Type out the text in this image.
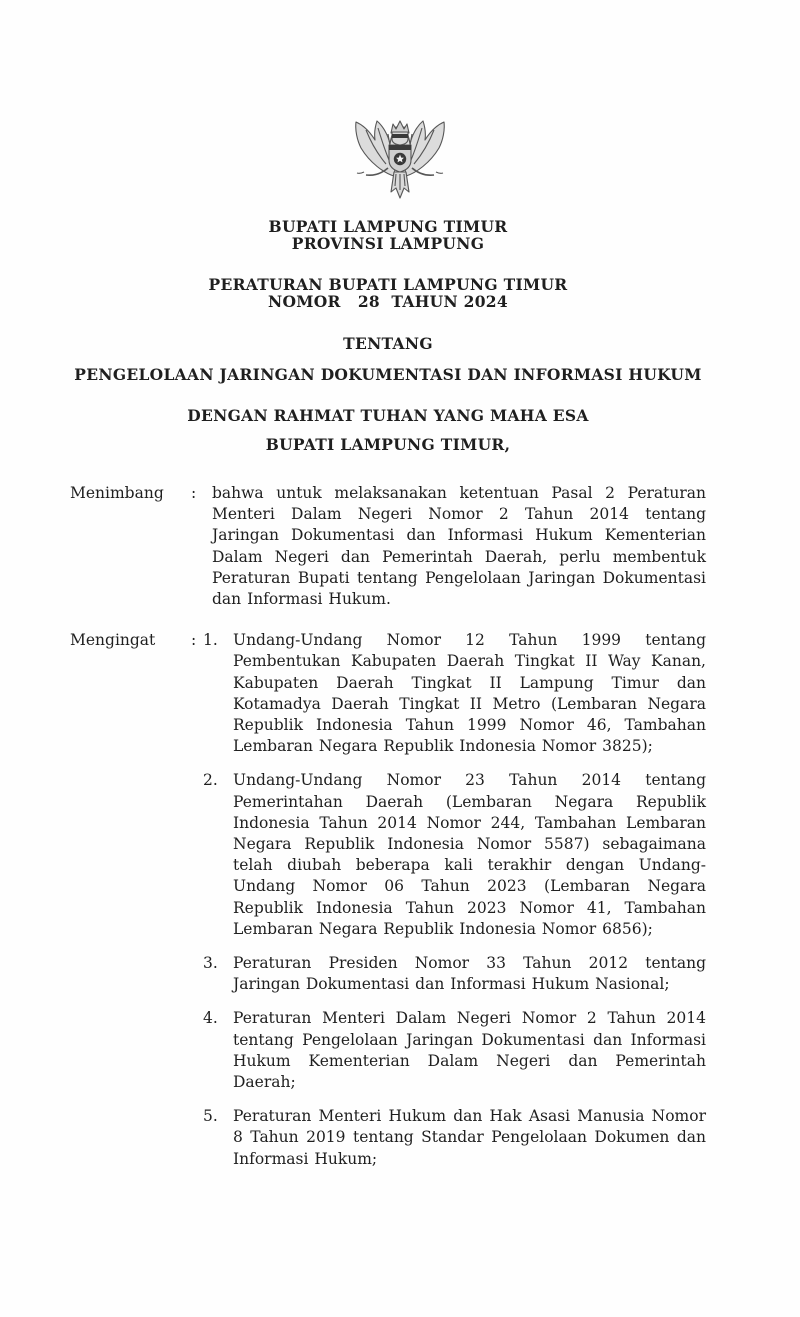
BUPATI LAMPUNG TIMUR
PROVINSI LAMPUNG
PERATURAN BUPATI LAMPUNG TIMUR
NOMOR   28  TAHUN 2024
TENTANG
PENGELOLAAN JARINGAN DOKUMENTASI DAN INFORMASI HUKUM
DENGAN RAHMAT TUHAN YANG MAHA ESA
BUPATI LAMPUNG TIMUR,
Menimbang	:	bahwa untuk melaksanakan ketentuan Pasal 2 Peraturan Menteri Dalam Negeri Nomor 2 Tahun 2014 tentang Jaringan Dokumentasi dan Informasi Hukum Kementerian Dalam Negeri dan Pemerintah Daerah, perlu membentuk Peraturan Bupati tentang Pengelolaan Jaringan Dokumentasi dan Informasi Hukum.
Mengingat	: 1. Undang-Undang Nomor 12 Tahun 1999 tentang Pembentukan Kabupaten Daerah Tingkat II Way Kanan, Kabupaten Daerah Tingkat II Lampung Timur dan Kotamadya Daerah Tingkat II Metro (Lembaran Negara Republik Indonesia Tahun 1999 Nomor 46, Tambahan Lembaran Negara Republik Indonesia Nomor 3825);
2. Undang-Undang Nomor 23 Tahun 2014 tentang Pemerintahan Daerah (Lembaran Negara Republik Indonesia Tahun 2014 Nomor 244, Tambahan Lembaran Negara Republik Indonesia Nomor 5587) sebagaimana telah diubah beberapa kali terakhir dengan Undang-Undang Nomor 06 Tahun 2023 (Lembaran Negara Republik Indonesia Tahun 2023 Nomor 41, Tambahan Lembaran Negara Republik Indonesia Nomor 6856);
3. Peraturan Presiden Nomor 33 Tahun 2012 tentang Jaringan Dokumentasi dan Informasi Hukum Nasional;
4. Peraturan Menteri Dalam Negeri Nomor 2 Tahun 2014 tentang Pengelolaan Jaringan Dokumentasi dan Informasi Hukum Kementerian Dalam Negeri dan Pemerintah Daerah;
5. Peraturan Menteri Hukum dan Hak Asasi Manusia Nomor 8 Tahun 2019 tentang Standar Pengelolaan Dokumen dan Informasi Hukum;
